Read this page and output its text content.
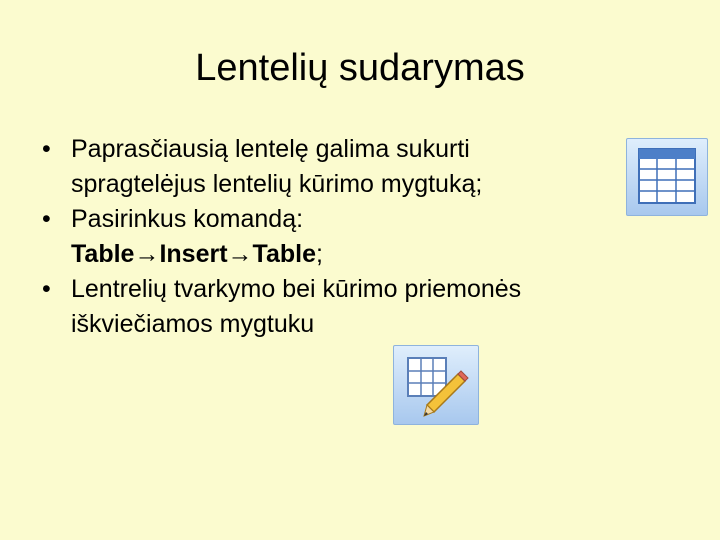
Lentelių sudarymas
• Paprasčiausią lentelę galima sukurti
spragtelėjus lentelių kūrimo mygtuką;
• Pasirinkus komandą:
Table→Insert→Table;
• Lentrelių tvarkymo bei kūrimo priemonės
iškviečiamos mygtuku
